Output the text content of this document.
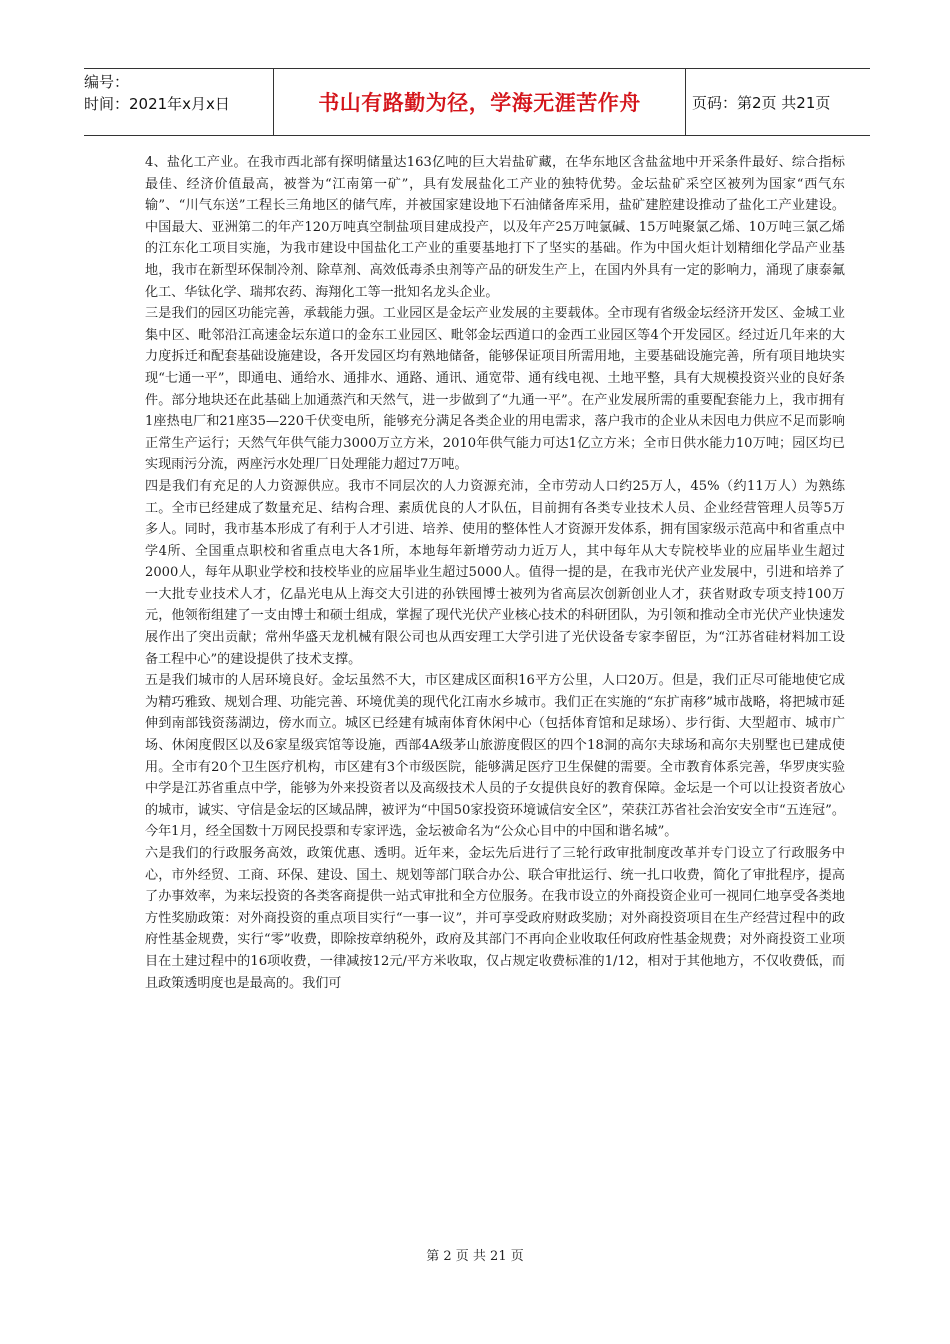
编号：
时间：2021年x月x日	书山有路勤为径，学海无涯苦作舟	页码：第2页 共21页

4、盐化工产业。在我市西北部有探明储量达163亿吨的巨大岩盐矿藏，在华东地区含盐盆地中开采条件最好、综合指标最佳、经济价值最高，被誉为“江南第一矿”，具有发展盐化工产业的独特优势。金坛盐矿采空区被列为国家“西气东输”、“川气东送”工程长三角地区的储气库，并被国家建设地下石油储备库采用，盐矿建腔建设推动了盐化工产业建设。中国最大、亚洲第二的年产120万吨真空制盐项目建成投产，以及年产25万吨氯碱、15万吨聚氯乙烯、10万吨三氯乙烯的江东化工项目实施，为我市建设中国盐化工产业的重要基地打下了坚实的基础。作为中国火炬计划精细化学品产业基地，我市在新型环保制冷剂、除草剂、高效低毒杀虫剂等产品的研发生产上，在国内外具有一定的影响力，涌现了康泰氟化工、华钛化学、瑞邦农药、海翔化工等一批知名龙头企业。

三是我们的园区功能完善，承载能力强。工业园区是金坛产业发展的主要载体。全市现有省级金坛经济开发区、金城工业集中区、毗邻沿江高速金坛东道口的金东工业园区、毗邻金坛西道口的金西工业园区等4个开发园区。经过近几年来的大力度拆迁和配套基础设施建设，各开发园区均有熟地储备，能够保证项目所需用地，主要基础设施完善，所有项目地块实现“七通一平”，即通电、通给水、通排水、通路、通讯、通宽带、通有线电视、土地平整，具有大规模投资兴业的良好条件。部分地块还在此基础上加通蒸汽和天然气，进一步做到了“九通一平”。在产业发展所需的重要配套能力上，我市拥有1座热电厂和21座35—220千伏变电所，能够充分满足各类企业的用电需求，落户我市的企业从未因电力供应不足而影响正常生产运行；天然气年供气能力3000万立方米，2010年供气能力可达1亿立方米；全市日供水能力10万吨；园区均已实现雨污分流，两座污水处理厂日处理能力超过7万吨。

四是我们有充足的人力资源供应。我市不同层次的人力资源充沛，全市劳动人口约25万人，45%（约11万人）为熟练工。全市已经建成了数量充足、结构合理、素质优良的人才队伍，目前拥有各类专业技术人员、企业经营管理人员等5万多人。同时，我市基本形成了有利于人才引进、培养、使用的整体性人才资源开发体系，拥有国家级示范高中和省重点中学4所、全国重点职校和省重点电大各1所，本地每年新增劳动力近万人，其中每年从大专院校毕业的应届毕业生超过2000人，每年从职业学校和技校毕业的应届毕业生超过5000人。值得一提的是，在我市光伏产业发展中，引进和培养了一大批专业技术人才，亿晶光电从上海交大引进的孙铁囤博士被列为省高层次创新创业人才，获省财政专项支持100万元，他领衔组建了一支由博士和硕士组成，掌握了现代光伏产业核心技术的科研团队，为引领和推动全市光伏产业快速发展作出了突出贡献；常州华盛天龙机械有限公司也从西安理工大学引进了光伏设备专家李留臣，为“江苏省硅材料加工设备工程中心”的建设提供了技术支撑。

五是我们城市的人居环境良好。金坛虽然不大，市区建成区面积16平方公里，人口20万。但是，我们正尽可能地使它成为精巧雅致、规划合理、功能完善、环境优美的现代化江南水乡城市。我们正在实施的“东扩南移”城市战略，将把城市延伸到南部钱资荡湖边，傍水而立。城区已经建有城南体育休闲中心（包括体育馆和足球场）、步行街、大型超市、城市广场、休闲度假区以及6家星级宾馆等设施，西部4A级茅山旅游度假区的四个18洞的高尔夫球场和高尔夫别墅也已建成使用。全市有20个卫生医疗机构，市区建有3个市级医院，能够满足医疗卫生保健的需要。全市教育体系完善，华罗庚实验中学是江苏省重点中学，能够为外来投资者以及高级技术人员的子女提供良好的教育保障。金坛是一个可以让投资者放心的城市，诚实、守信是金坛的区域品牌，被评为“中国50家投资环境诚信安全区”，荣获江苏省社会治安安全市“五连冠”。今年1月，经全国数十万网民投票和专家评选，金坛被命名为“公众心目中的中国和谐名城”。

六是我们的行政服务高效，政策优惠、透明。近年来，金坛先后进行了三轮行政审批制度改革并专门设立了行政服务中心，市外经贸、工商、环保、建设、国土、规划等部门联合办公、联合审批运行、统一扎口收费，简化了审批程序，提高了办事效率，为来坛投资的各类客商提供一站式审批和全方位服务。在我市设立的外商投资企业可一视同仁地享受各类地方性奖励政策：对外商投资的重点项目实行“一事一议”，并可享受政府财政奖励；对外商投资项目在生产经营过程中的政府性基金规费，实行“零”收费，即除按章纳税外，政府及其部门不再向企业收取任何政府性基金规费；对外商投资工业项目在土建过程中的16项收费，一律减按12元/平方米收取，仅占规定收费标准的1/12，相对于其他地方，不仅收费低，而且政策透明度也是最高的。我们可

第 2 页 共 21 页
